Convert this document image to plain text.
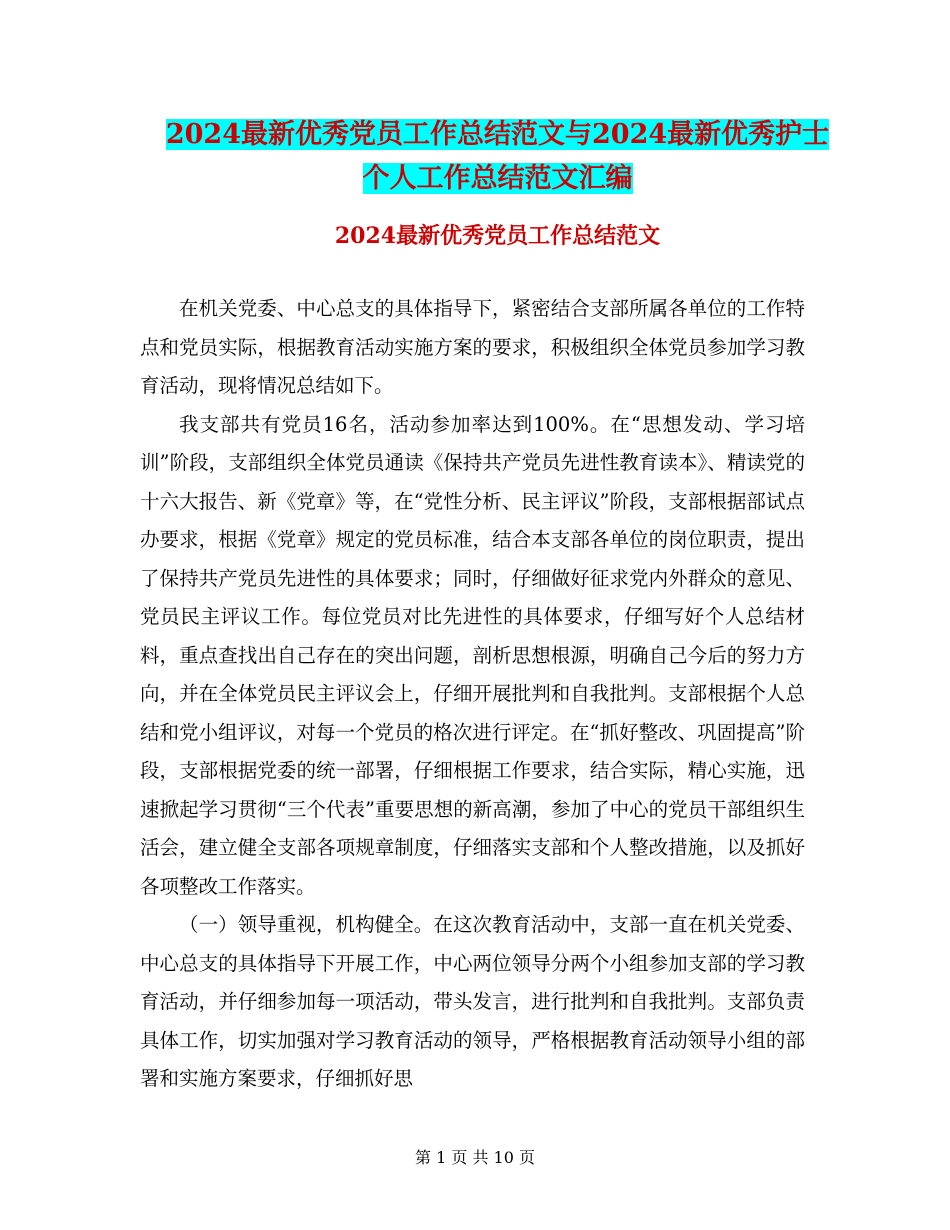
2024最新优秀党员工作总结范文与2024最新优秀护士
个人工作总结范文汇编
2024最新优秀党员工作总结范文

在机关党委、中心总支的具体指导下，紧密结合支部所属各单位的工作特点和党员实际，根据教育活动实施方案的要求，积极组织全体党员参加学习教育活动，现将情况总结如下。

我支部共有党员16名，活动参加率达到100%。在“思想发动、学习培训”阶段，支部组织全体党员通读《保持共产党员先进性教育读本》、精读党的十六大报告、新《党章》等，在“党性分析、民主评议”阶段，支部根据部试点办要求，根据《党章》规定的党员标准，结合本支部各单位的岗位职责，提出了保持共产党员先进性的具体要求；同时，仔细做好征求党内外群众的意见、党员民主评议工作。每位党员对比先进性的具体要求，仔细写好个人总结材料，重点查找出自己存在的突出问题，剖析思想根源，明确自己今后的努力方向，并在全体党员民主评议会上，仔细开展批判和自我批判。支部根据个人总结和党小组评议，对每一个党员的格次进行评定。在“抓好整改、巩固提高”阶段，支部根据党委的统一部署，仔细根据工作要求，结合实际，精心实施，迅速掀起学习贯彻“三个代表”重要思想的新高潮，参加了中心的党员干部组织生活会，建立健全支部各项规章制度，仔细落实支部和个人整改措施，以及抓好各项整改工作落实。

（一）领导重视，机构健全。在这次教育活动中，支部一直在机关党委、中心总支的具体指导下开展工作，中心两位领导分两个小组参加支部的学习教育活动，并仔细参加每一项活动，带头发言，进行批判和自我批判。支部负责具体工作，切实加强对学习教育活动的领导，严格根据教育活动领导小组的部署和实施方案要求，仔细抓好思

第 1 页 共 10 页
